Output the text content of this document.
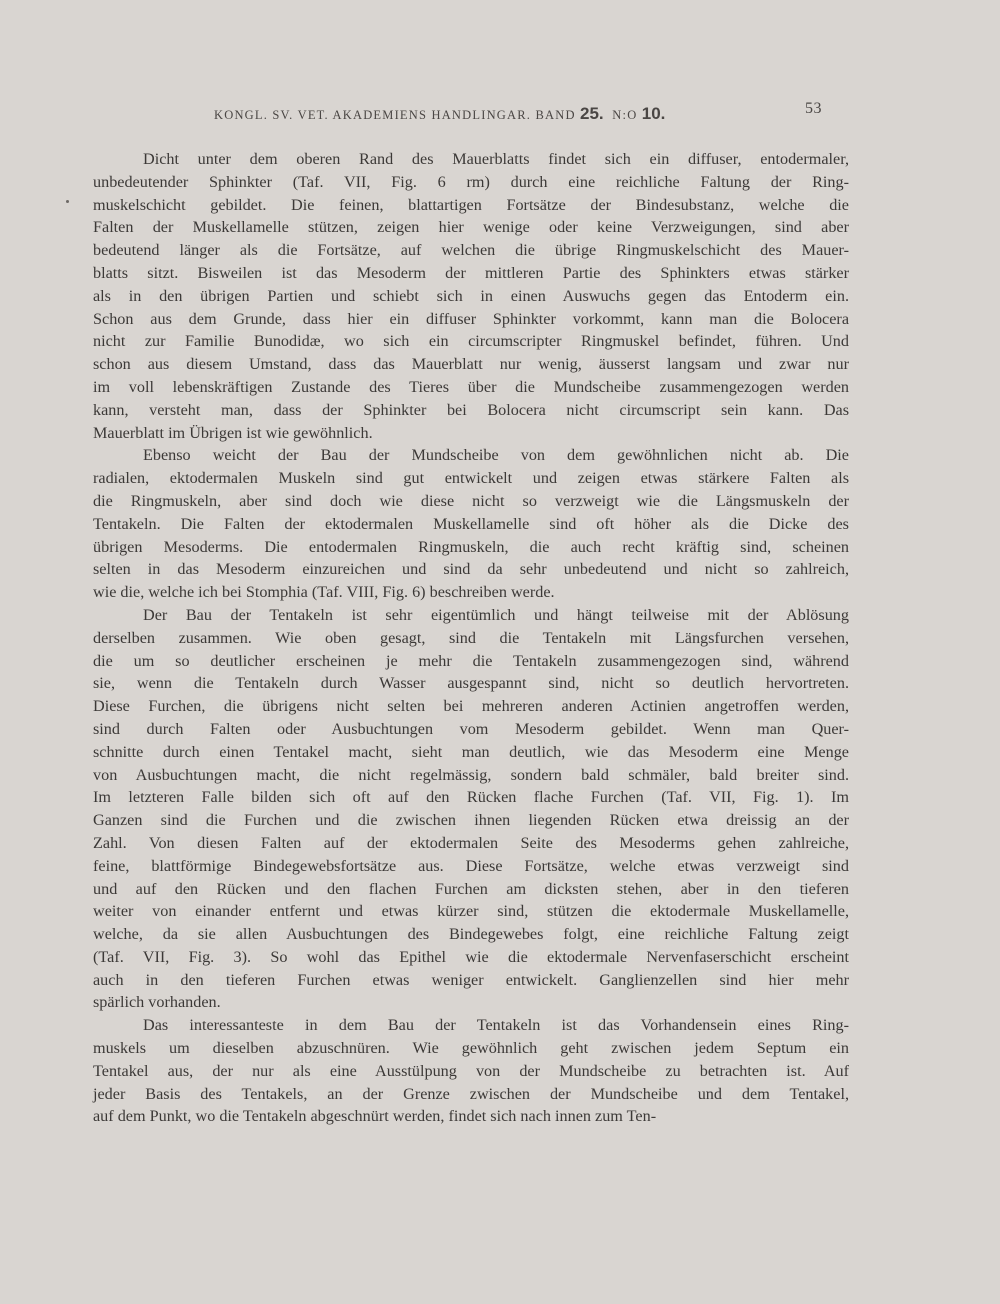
KONGL. SV. VET. AKADEMIENS HANDLINGAR. BAND 25. N:O 10.	53
Dicht unter dem oberen Rand des Mauerblatts findet sich ein diffuser, entodermaler,
unbedeutender Sphinkter (Taf. VII, Fig. 6 rm) durch eine reichliche Faltung der Ring-
muskelschicht gebildet. Die feinen, blattartigen Fortsätze der Bindesubstanz, welche die
Falten der Muskellamelle stützen, zeigen hier wenige oder keine Verzweigungen, sind aber
bedeutend länger als die Fortsätze, auf welchen die übrige Ringmuskelschicht des Mauer-
blatts sitzt. Bisweilen ist das Mesoderm der mittleren Partie des Sphinkters etwas stärker
als in den übrigen Partien und schiebt sich in einen Auswuchs gegen das Entoderm ein.
Schon aus dem Grunde, dass hier ein diffuser Sphinkter vorkommt, kann man die Bolocera
nicht zur Familie Bunodidæ, wo sich ein circumscripter Ringmuskel befindet, führen. Und
schon aus diesem Umstand, dass das Mauerblatt nur wenig, äusserst langsam und zwar nur
im voll lebenskräftigen Zustande des Tieres über die Mundscheibe zusammengezogen werden
kann, versteht man, dass der Sphinkter bei Bolocera nicht circumscript sein kann. Das
Mauerblatt im Übrigen ist wie gewöhnlich.
Ebenso weicht der Bau der Mundscheibe von dem gewöhnlichen nicht ab. Die
radialen, ektodermalen Muskeln sind gut entwickelt und zeigen etwas stärkere Falten als
die Ringmuskeln, aber sind doch wie diese nicht so verzweigt wie die Längsmuskeln der
Tentakeln. Die Falten der ektodermalen Muskellamelle sind oft höher als die Dicke des
übrigen Mesoderms. Die entodermalen Ringmuskeln, die auch recht kräftig sind, scheinen
selten in das Mesoderm einzureichen und sind da sehr unbedeutend und nicht so zahlreich,
wie die, welche ich bei Stomphia (Taf. VIII, Fig. 6) beschreiben werde.
Der Bau der Tentakeln ist sehr eigentümlich und hängt teilweise mit der Ablösung
derselben zusammen. Wie oben gesagt, sind die Tentakeln mit Längsfurchen versehen,
die um so deutlicher erscheinen je mehr die Tentakeln zusammengezogen sind, während
sie, wenn die Tentakeln durch Wasser ausgespannt sind, nicht so deutlich hervortreten.
Diese Furchen, die übrigens nicht selten bei mehreren anderen Actinien angetroffen werden,
sind durch Falten oder Ausbuchtungen vom Mesoderm gebildet. Wenn man Quer-
schnitte durch einen Tentakel macht, sieht man deutlich, wie das Mesoderm eine Menge
von Ausbuchtungen macht, die nicht regelmässig, sondern bald schmäler, bald breiter sind.
Im letzteren Falle bilden sich oft auf den Rücken flache Furchen (Taf. VII, Fig. 1). Im
Ganzen sind die Furchen und die zwischen ihnen liegenden Rücken etwa dreissig an der
Zahl. Von diesen Falten auf der ektodermalen Seite des Mesoderms gehen zahlreiche,
feine, blattförmige Bindegewebsfortsätze aus. Diese Fortsätze, welche etwas verzweigt sind
und auf den Rücken und den flachen Furchen am dicksten stehen, aber in den tieferen
weiter von einander entfernt und etwas kürzer sind, stützen die ektodermale Muskellamelle,
welche, da sie allen Ausbuchtungen des Bindegewebes folgt, eine reichliche Faltung zeigt
(Taf. VII, Fig. 3). So wohl das Epithel wie die ektodermale Nervenfaserschicht erscheint
auch in den tieferen Furchen etwas weniger entwickelt. Ganglienzellen sind hier mehr
spärlich vorhanden.
Das interessanteste in dem Bau der Tentakeln ist das Vorhandensein eines Ring-
muskels um dieselben abzuschnüren. Wie gewöhnlich geht zwischen jedem Septum ein
Tentakel aus, der nur als eine Ausstülpung von der Mundscheibe zu betrachten ist. Auf
jeder Basis des Tentakels, an der Grenze zwischen der Mundscheibe und dem Tentakel,
auf dem Punkt, wo die Tentakeln abgeschnürt werden, findet sich nach innen zum Ten-
